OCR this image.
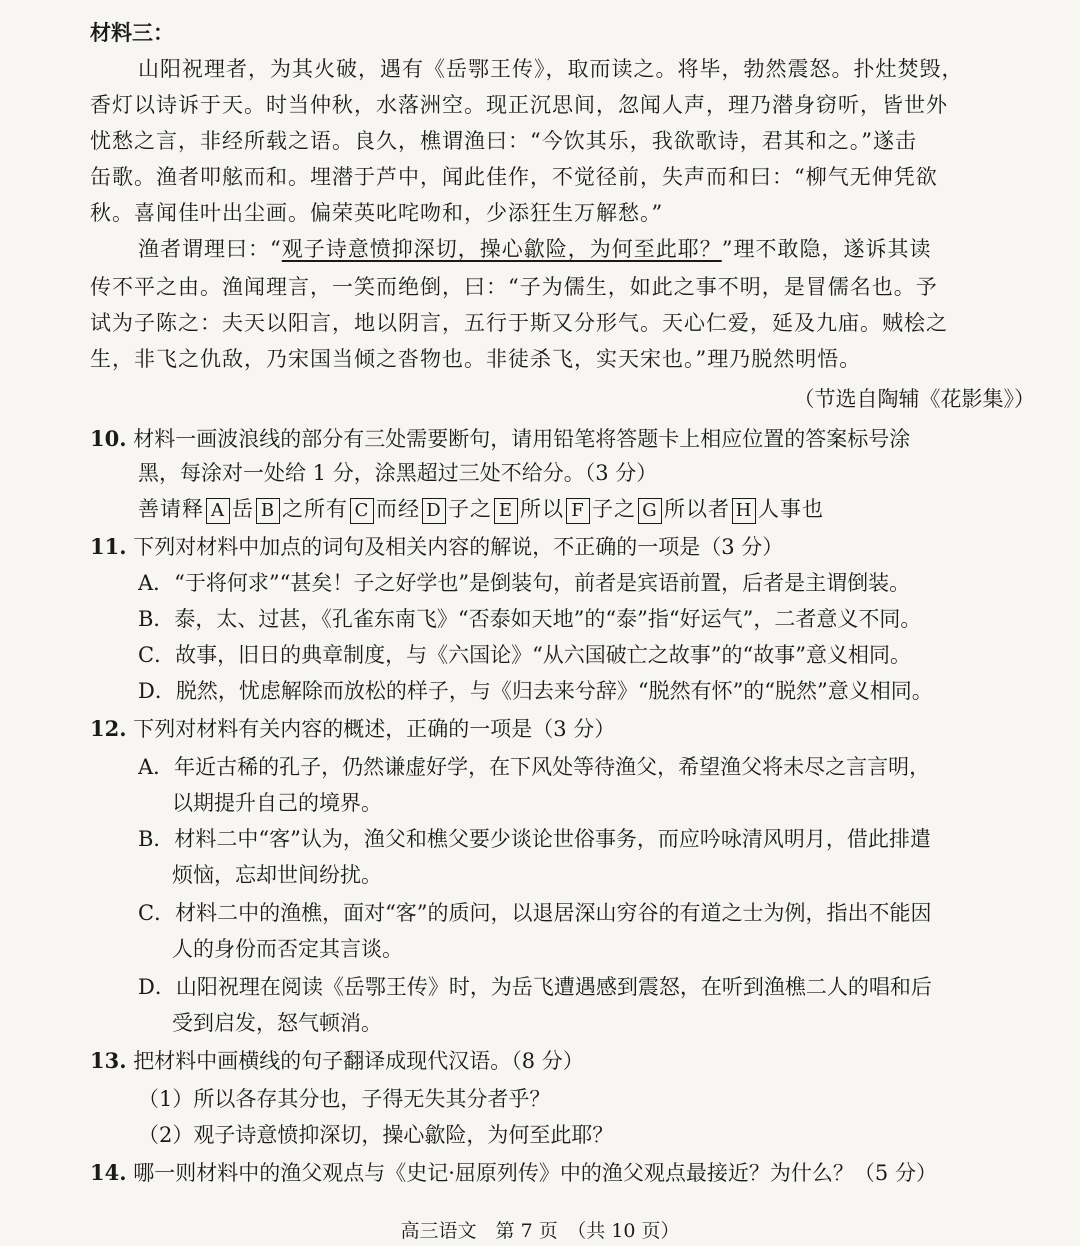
材料三：
山阳祝理者，为其火破，遇有《岳鄂王传》，取而读之。将毕，勃然震怒。扑灶焚毁，
香灯以诗诉于天。时当仲秋，水落洲空。现正沉思间，忽闻人声，理乃潜身窃听，皆世外
忧愁之言，非经所载之语。良久，樵谓渔曰：“今饮其乐，我欲歌诗，君其和之。”遂击
缶歌。渔者叩舷而和。埋潜于芦中，闻此佳作，不觉径前，失声而和曰：“柳气无伸凭欲
秋。喜闻佳叶出尘画。偏荣英叱咤吻和，少添狂生万解愁。”
渔者谓理曰：“观子诗意愤抑深切，操心歙险，为何至此耶？”理不敢隐，遂诉其读
传不平之由。渔闻理言，一笑而绝倒，曰：“子为儒生，如此之事不明，是冒儒名也。予
试为子陈之：夫天以阳言，地以阴言，五行于斯又分形气。天心仁爱，延及九庙。贼桧之
生，非飞之仇敌，乃宋国当倾之沓物也。非徒杀飞，实天宋也。”理乃脱然明悟。
（节选自陶辅《花影集》）
10. 材料一画波浪线的部分有三处需要断句，请用铅笔将答题卡上相应位置的答案标号涂
黑，每涂对一处给 1 分，涂黑超过三处不给分。（3 分）
善请释 A 岳 B 之所有 C 而经 D 子之 E 所以 F 子之 G 所以者 H 人事也
11. 下列对材料中加点的词句及相关内容的解说，不正确的一项是（3 分）
A．“于将何求”“甚矣！子之好学也”是倒装句，前者是宾语前置，后者是主谓倒装。
B．泰，太、过甚，《孔雀东南飞》“否泰如天地”的“泰”指“好运气”，二者意义不同。
C．故事，旧日的典章制度，与《六国论》“从六国破亡之故事”的“故事”意义相同。
D．脱然，忧虑解除而放松的样子，与《归去来兮辞》“脱然有怀”的“脱然”意义相同。
12. 下列对材料有关内容的概述，正确的一项是（3 分）
A．年近古稀的孔子，仍然谦虚好学，在下风处等待渔父，希望渔父将未尽之言言明，
以期提升自己的境界。
B．材料二中“客”认为，渔父和樵父要少谈论世俗事务，而应吟咏清风明月，借此排遣
烦恼，忘却世间纷扰。
C．材料二中的渔樵，面对“客”的质问，以退居深山穷谷的有道之士为例，指出不能因
人的身份而否定其言谈。
D．山阳祝理在阅读《岳鄂王传》时，为岳飞遭遇感到震怒，在听到渔樵二人的唱和后
受到启发，怒气顿消。
13. 把材料中画横线的句子翻译成现代汉语。（8 分）
（1）所以各存其分也，子得无失其分者乎？
（2）观子诗意愤抑深切，操心歙险，为何至此耶？
14. 哪一则材料中的渔父观点与《史记·屈原列传》中的渔父观点最接近？为什么？（5 分）
高三语文　第 7 页　（共 10 页）
